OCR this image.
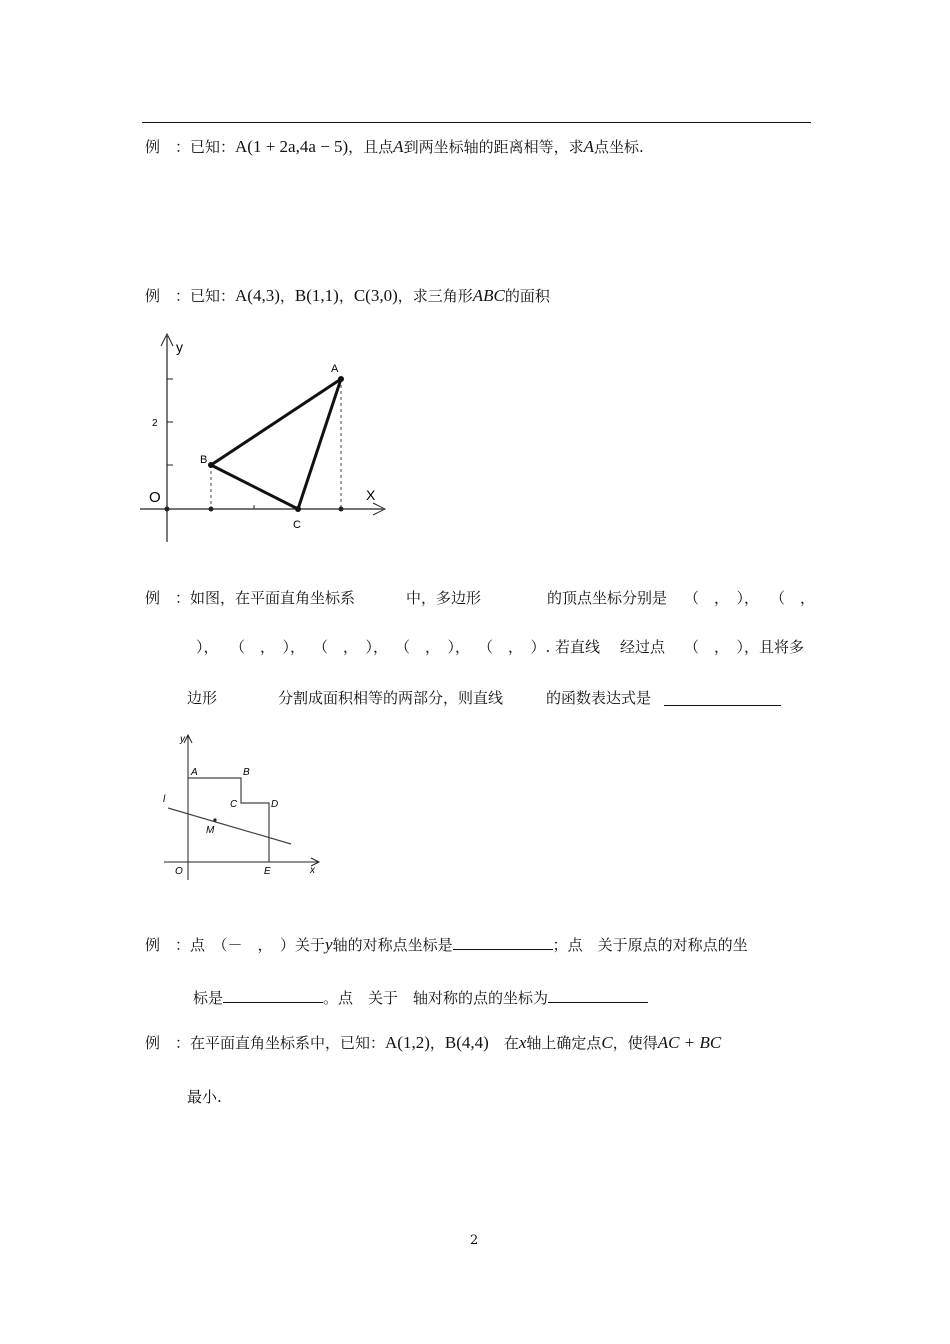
例　：已知：A(1 + 2a,4a − 5)，且点A到两坐标轴的距离相等，求A点坐标.
例　：已知：A(4,3)，B(1,1)，C(3,0)，求三角形ABC的面积
y
X
O
2
A
B
C
例　：如图，在平面直角坐标系	中，多边形	的顶点坐标分别是 （　，　）， （　，
）， （　，　）， （　，　）， （　，　）， （　，　）. 若直线 经过点 （　，　），且将多
边形	分割成面积相等的两部分，则直线	的函数表达式是
y
x
O
l
A	B
C	D
E
M
例　：点　（－　，　）关于y轴的对称点坐标是	；点　关于原点的对称点的坐
标是	。点　关于　轴对称的点的坐标为
例　：在平面直角坐标系中，已知：A(1,2)，B(4,4)　 在x轴上确定点C，使得AC + BC
最小.
2
